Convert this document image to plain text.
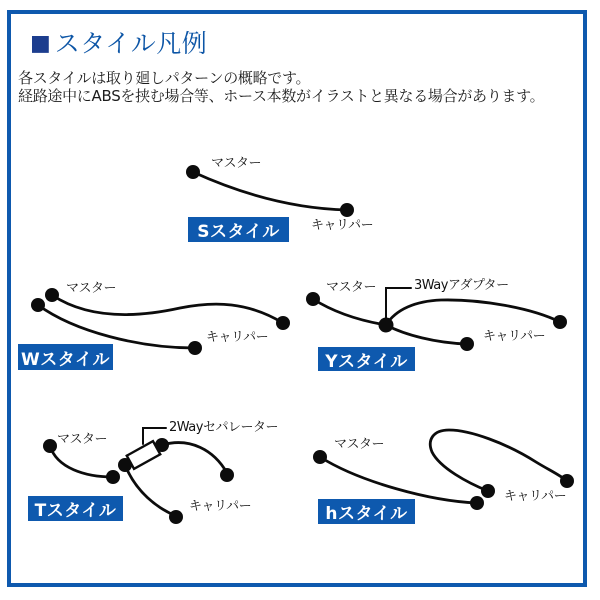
■ スタイル凡例
各スタイルは取り廻しパターンの概略です。
経路途中にABSを挟む場合等、ホース本数がイラストと異なる場合があります。
マスター
キャリパー
マスター
キャリパー
マスター	3Wayアダプター
キャリパー
マスター
2Wayセパレーター
キャリパー
マスター
キャリパー
Sスタイル
Wスタイル	Yスタイル
Tスタイル	hスタイル
